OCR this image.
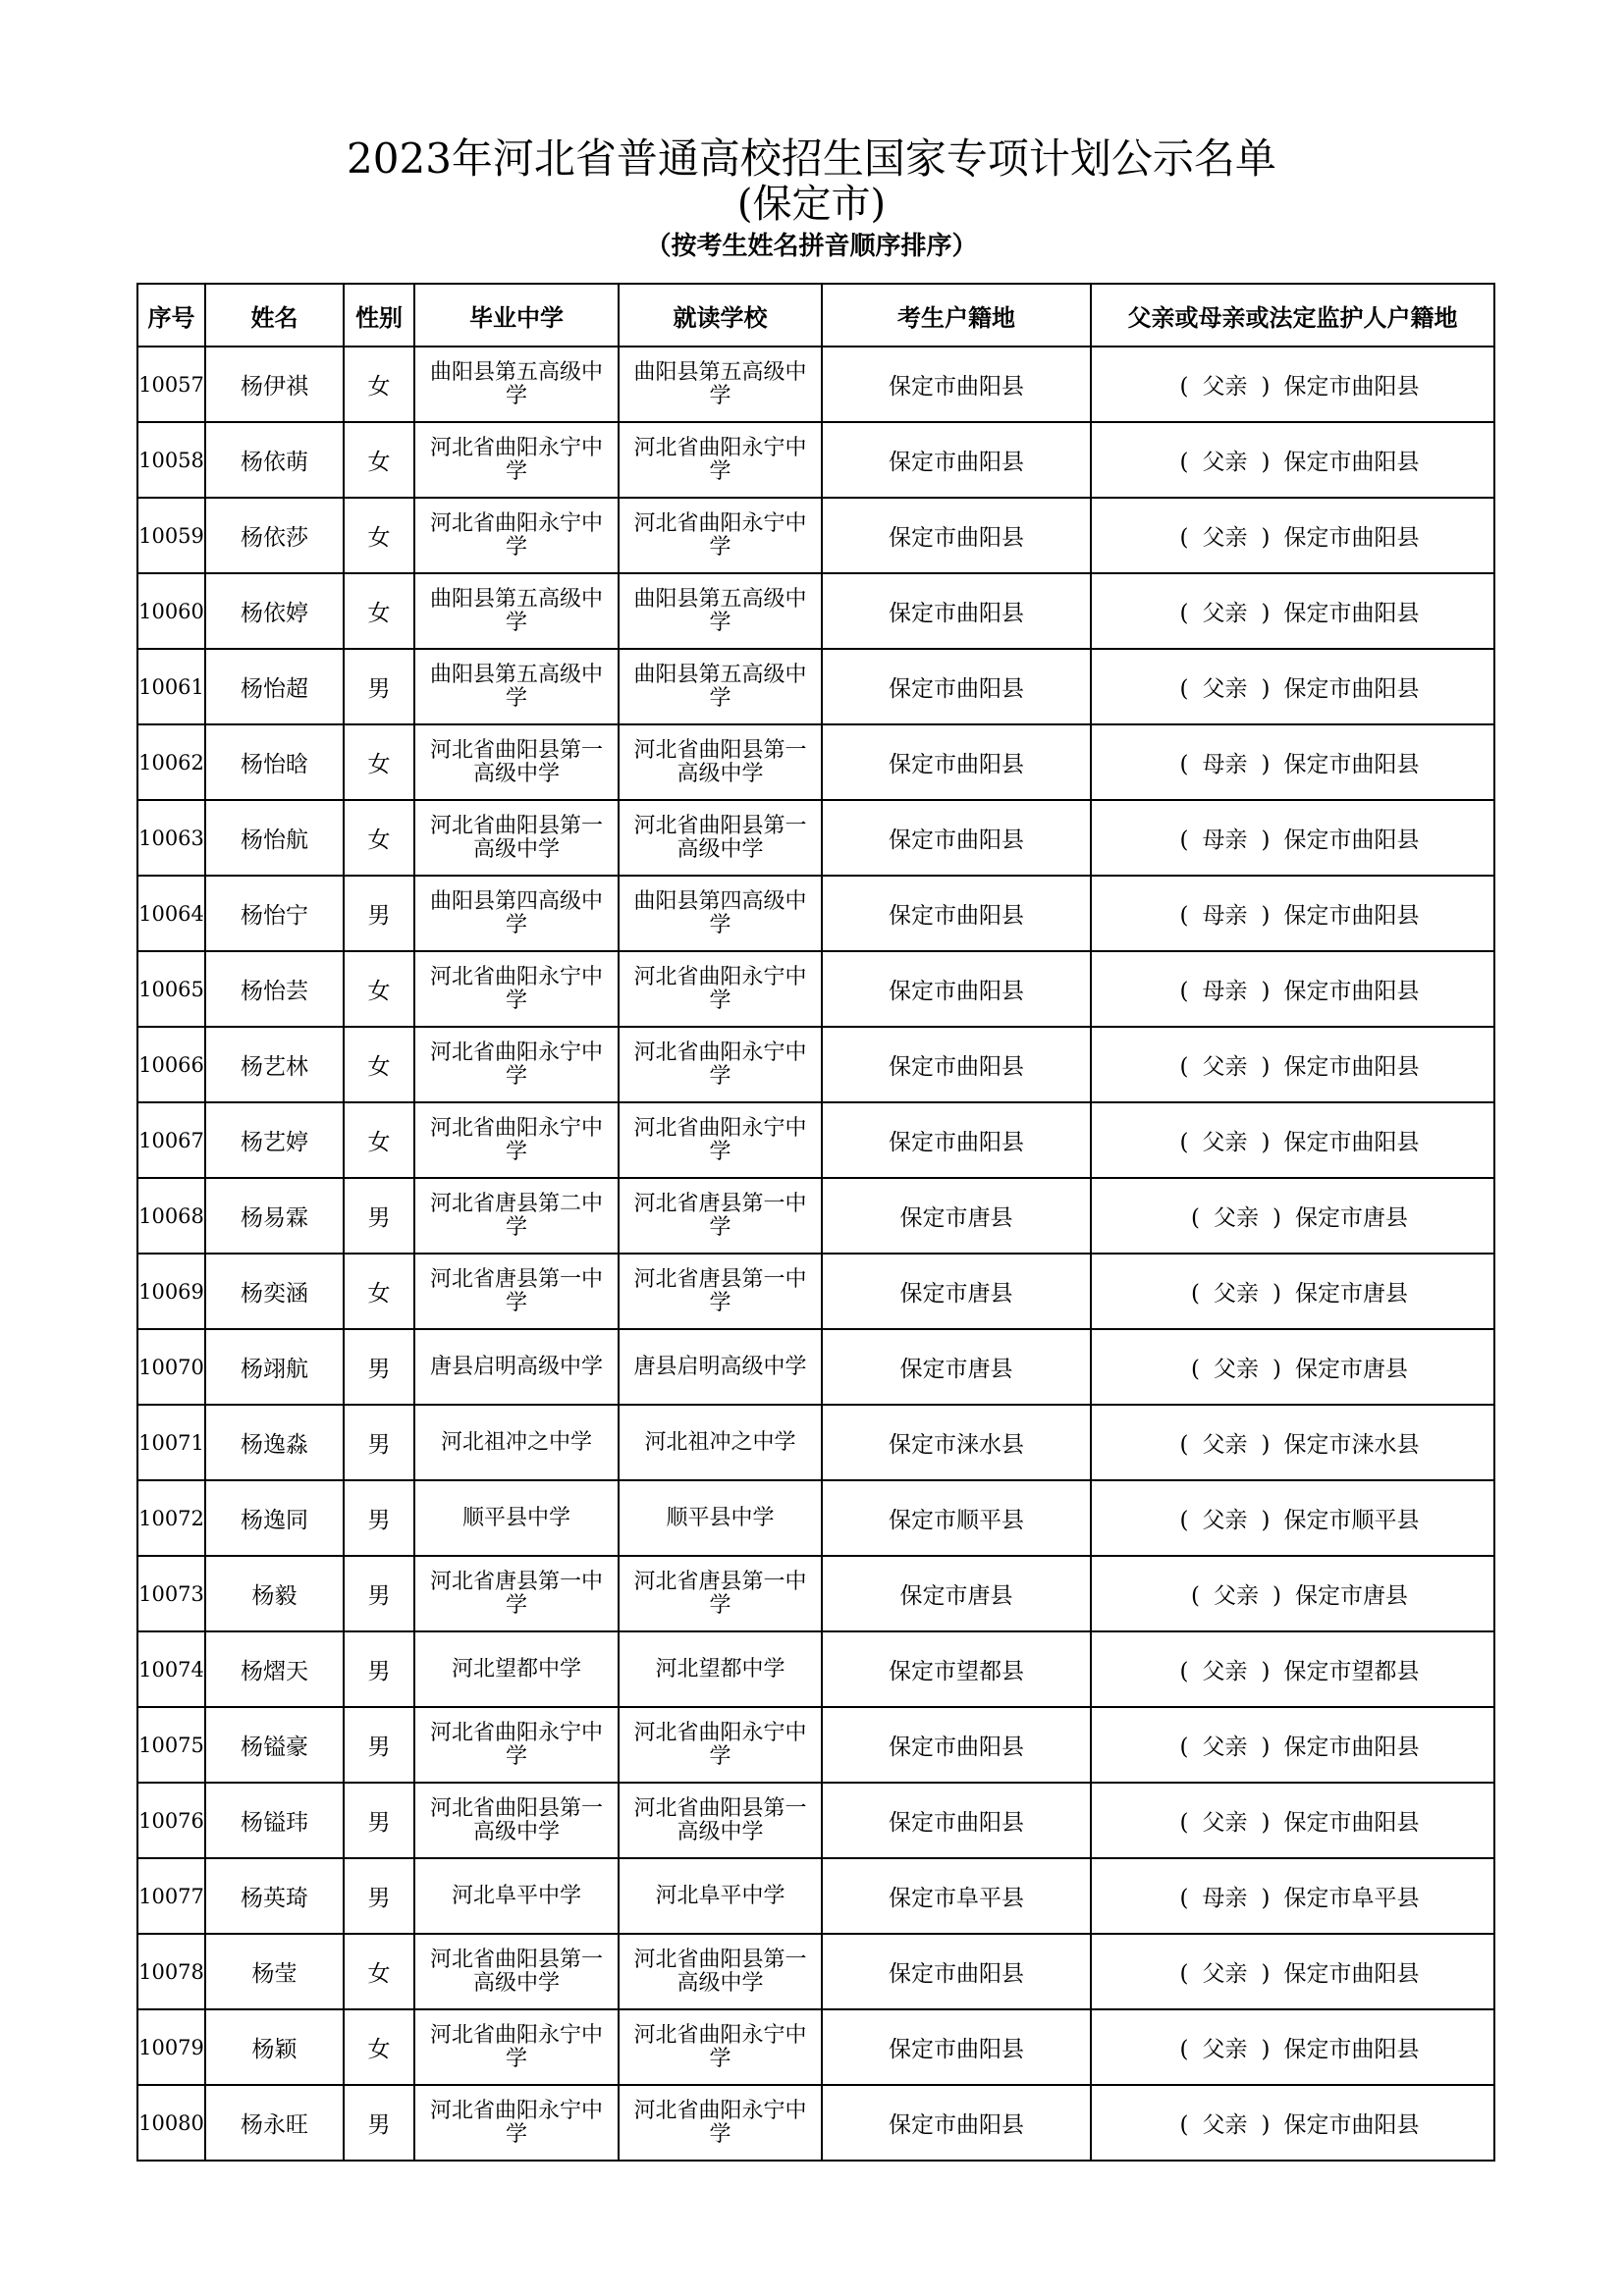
2023年河北省普通高校招生国家专项计划公示名单
(保定市)
（按考生姓名拼音顺序排序）
序号	姓名	性别	毕业中学	就读学校	考生户籍地	父亲或母亲或法定监护人户籍地
10057	杨伊祺	女	曲阳县第五高级中学	曲阳县第五高级中学	保定市曲阳县	( 父亲 ) 保定市曲阳县
10058	杨依萌	女	河北省曲阳永宁中学	河北省曲阳永宁中学	保定市曲阳县	( 父亲 ) 保定市曲阳县
10059	杨依莎	女	河北省曲阳永宁中学	河北省曲阳永宁中学	保定市曲阳县	( 父亲 ) 保定市曲阳县
10060	杨依婷	女	曲阳县第五高级中学	曲阳县第五高级中学	保定市曲阳县	( 父亲 ) 保定市曲阳县
10061	杨怡超	男	曲阳县第五高级中学	曲阳县第五高级中学	保定市曲阳县	( 父亲 ) 保定市曲阳县
10062	杨怡晗	女	河北省曲阳县第一高级中学	河北省曲阳县第一高级中学	保定市曲阳县	( 母亲 ) 保定市曲阳县
10063	杨怡航	女	河北省曲阳县第一高级中学	河北省曲阳县第一高级中学	保定市曲阳县	( 母亲 ) 保定市曲阳县
10064	杨怡宁	男	曲阳县第四高级中学	曲阳县第四高级中学	保定市曲阳县	( 母亲 ) 保定市曲阳县
10065	杨怡芸	女	河北省曲阳永宁中学	河北省曲阳永宁中学	保定市曲阳县	( 母亲 ) 保定市曲阳县
10066	杨艺林	女	河北省曲阳永宁中学	河北省曲阳永宁中学	保定市曲阳县	( 父亲 ) 保定市曲阳县
10067	杨艺婷	女	河北省曲阳永宁中学	河北省曲阳永宁中学	保定市曲阳县	( 父亲 ) 保定市曲阳县
10068	杨易霖	男	河北省唐县第二中学	河北省唐县第一中学	保定市唐县	( 父亲 ) 保定市唐县
10069	杨奕涵	女	河北省唐县第一中学	河北省唐县第一中学	保定市唐县	( 父亲 ) 保定市唐县
10070	杨翊航	男	唐县启明高级中学	唐县启明高级中学	保定市唐县	( 父亲 ) 保定市唐县
10071	杨逸淼	男	河北祖冲之中学	河北祖冲之中学	保定市涞水县	( 父亲 ) 保定市涞水县
10072	杨逸同	男	顺平县中学	顺平县中学	保定市顺平县	( 父亲 ) 保定市顺平县
10073	杨毅	男	河北省唐县第一中学	河北省唐县第一中学	保定市唐县	( 父亲 ) 保定市唐县
10074	杨熠天	男	河北望都中学	河北望都中学	保定市望都县	( 父亲 ) 保定市望都县
10075	杨镒豪	男	河北省曲阳永宁中学	河北省曲阳永宁中学	保定市曲阳县	( 父亲 ) 保定市曲阳县
10076	杨镒玮	男	河北省曲阳县第一高级中学	河北省曲阳县第一高级中学	保定市曲阳县	( 父亲 ) 保定市曲阳县
10077	杨英琦	男	河北阜平中学	河北阜平中学	保定市阜平县	( 母亲 ) 保定市阜平县
10078	杨莹	女	河北省曲阳县第一高级中学	河北省曲阳县第一高级中学	保定市曲阳县	( 父亲 ) 保定市曲阳县
10079	杨颖	女	河北省曲阳永宁中学	河北省曲阳永宁中学	保定市曲阳县	( 父亲 ) 保定市曲阳县
10080	杨永旺	男	河北省曲阳永宁中学	河北省曲阳永宁中学	保定市曲阳县	( 父亲 ) 保定市曲阳县
